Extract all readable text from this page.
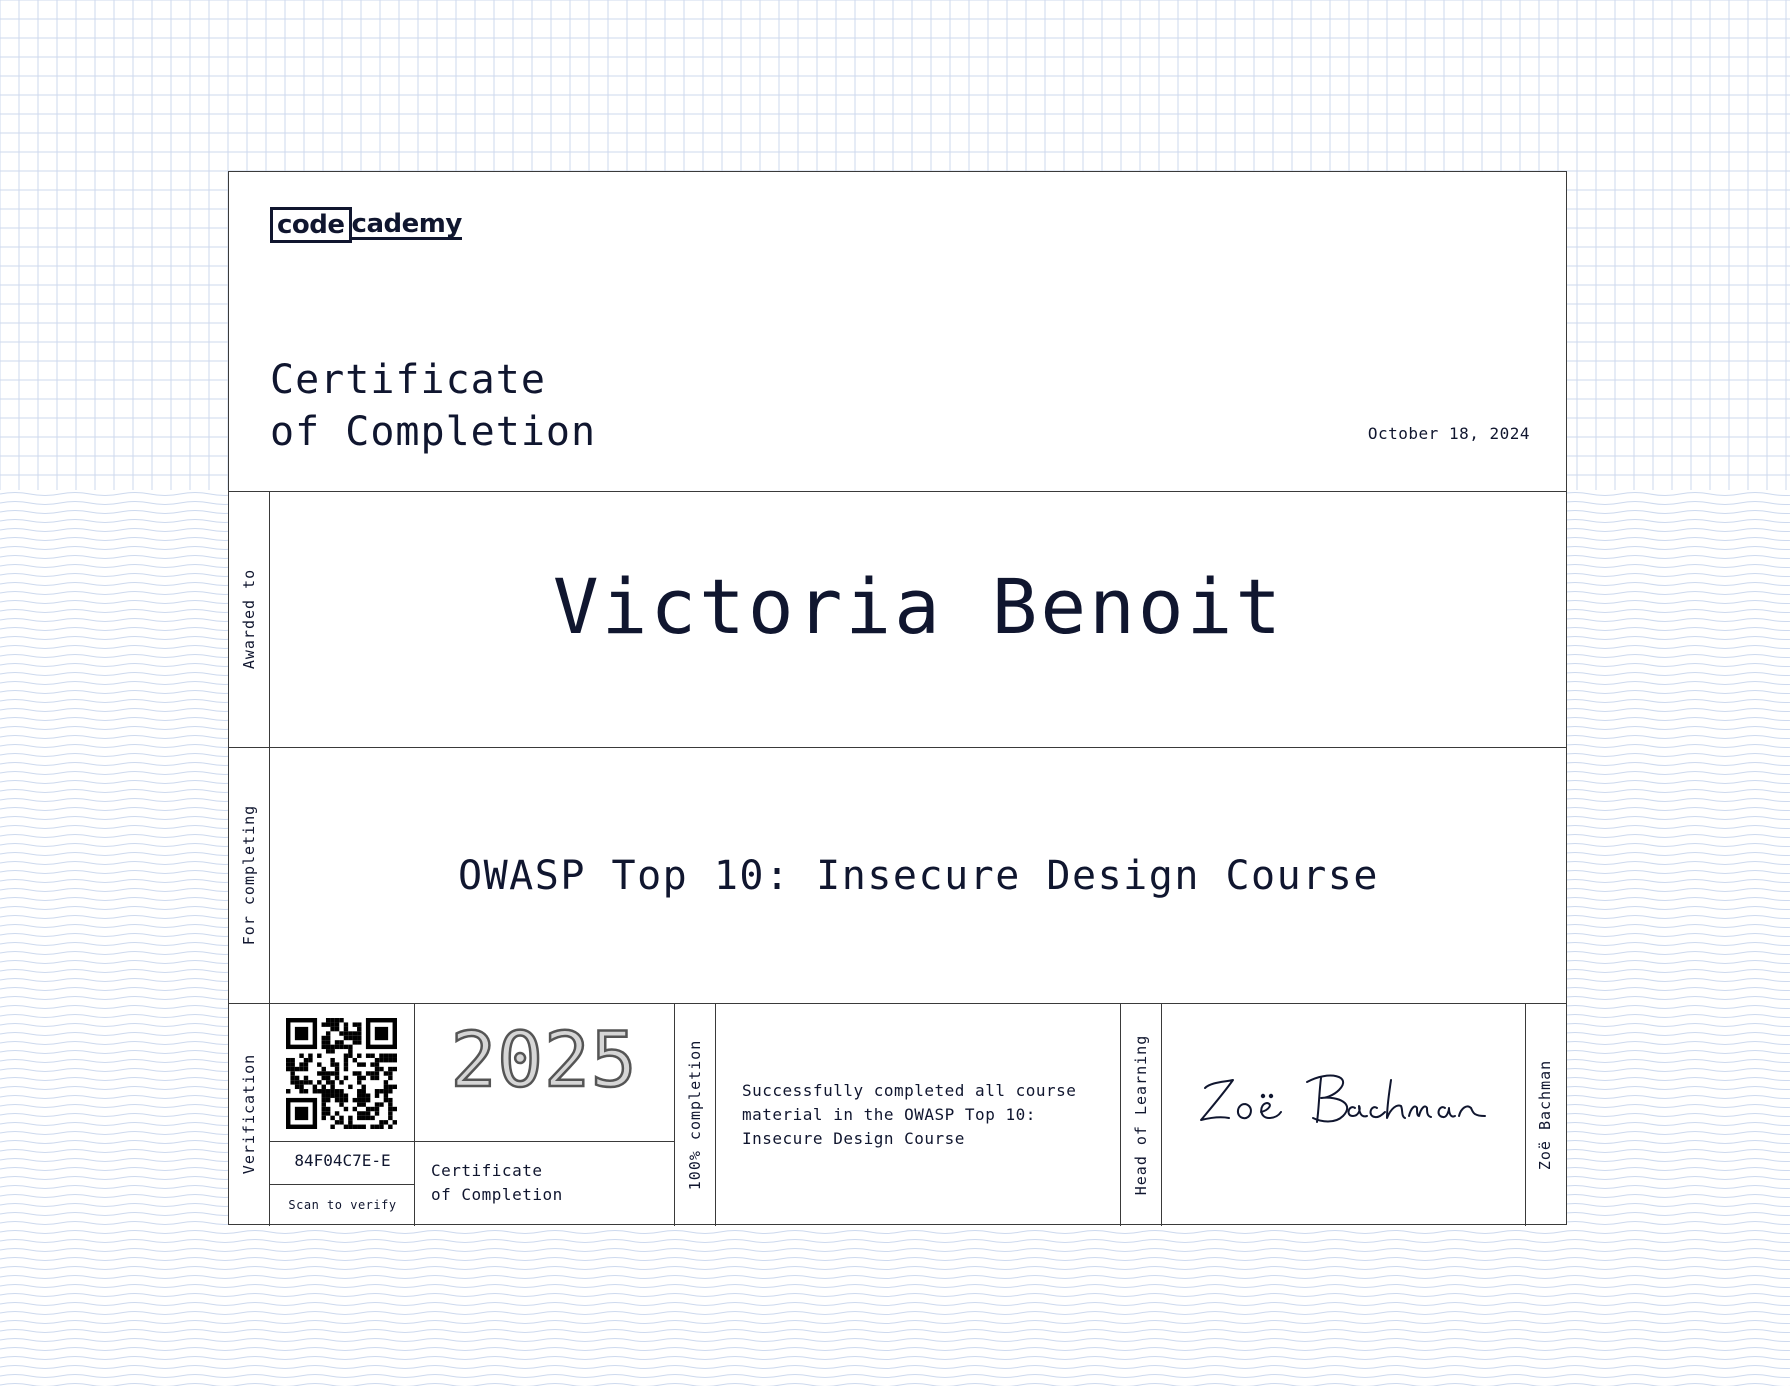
code cademy
Certificate
of Completion	October 18, 2024
Awarded to
For completing
Verification
Victoria Benoit
OWASP Top 10: Insecure Design Course
84F04C7E-E
Scan to verify
2025
Certificate
of Completion
100% completion Successfully completed all course
material in the OWASP Top 10:
Insecure Design Course	Head of Learning	Zoë Bachman
